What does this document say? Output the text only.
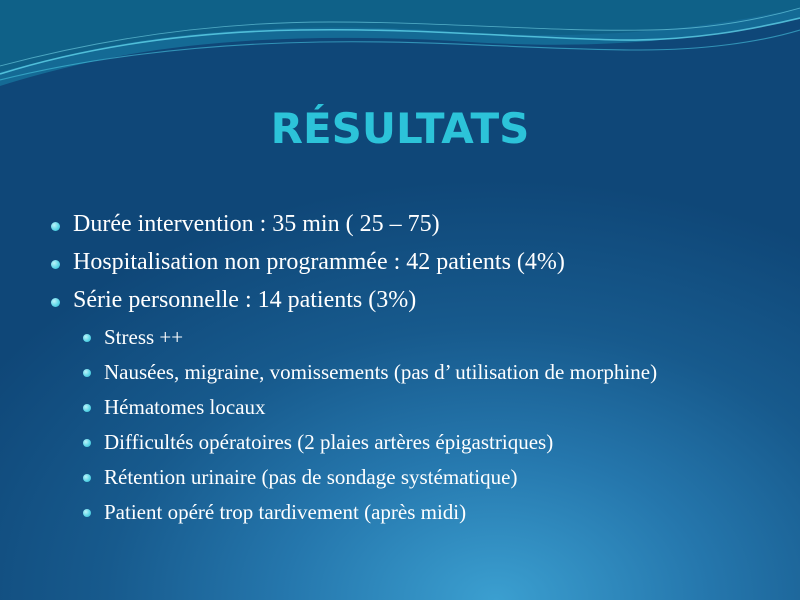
RÉSULTATS
Durée intervention : 35 min ( 25 – 75)
Hospitalisation non programmée : 42 patients (4%)
Série personnelle : 14 patients (3%)
Stress ++
Nausées, migraine, vomissements (pas d’ utilisation de morphine)
Hématomes locaux
Difficultés opératoires (2 plaies artères épigastriques)
Rétention urinaire (pas de sondage systématique)
Patient opéré trop tardivement (après midi)
